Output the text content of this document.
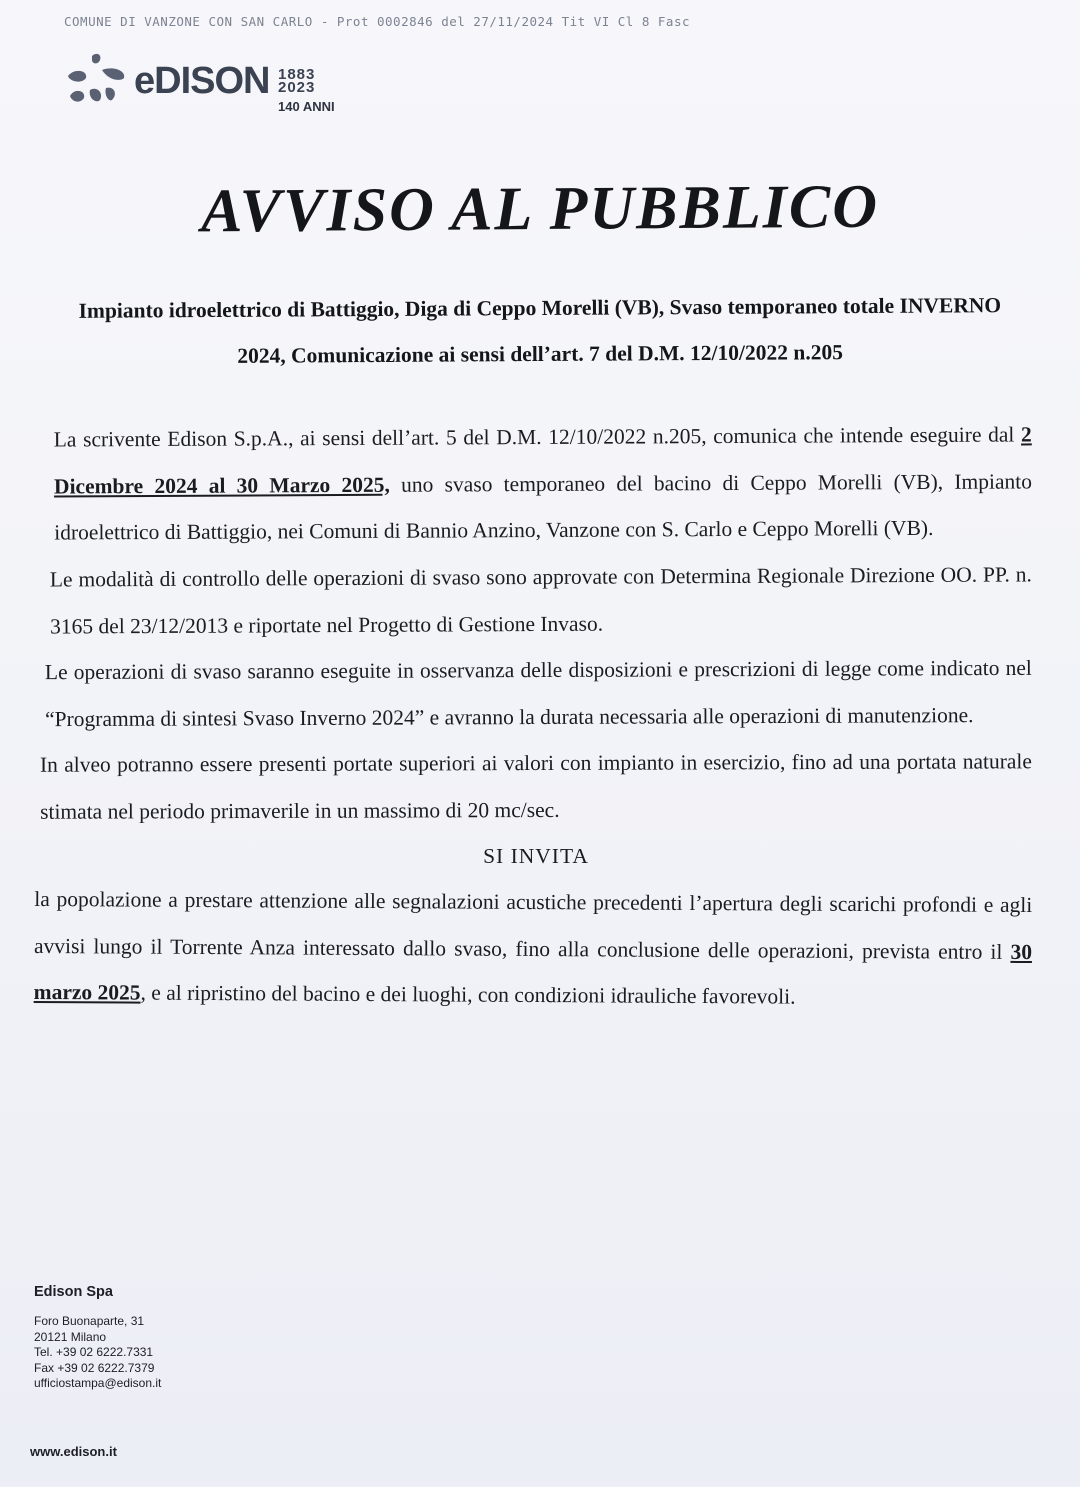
COMUNE DI VANZONE CON SAN CARLO - Prot 0002846 del 27/11/2024 Tit VI Cl 8 Fasc
eDISON 1883 2023
140 ANNI
AVVISO AL PUBBLICO
Impianto idroelettrico di Battiggio, Diga di Ceppo Morelli (VB), Svaso temporaneo totale INVERNO 2024, Comunicazione ai sensi dell’art. 7 del D.M. 12/10/2022 n.205

La scrivente Edison S.p.A., ai sensi dell’art. 5 del D.M. 12/10/2022 n.205, comunica che intende eseguire dal 2 Dicembre 2024 al 30 Marzo 2025, uno svaso temporaneo del bacino di Ceppo Morelli (VB), Impianto idroelettrico di Battiggio, nei Comuni di Bannio Anzino, Vanzone con S. Carlo e Ceppo Morelli (VB).

Le modalità di controllo delle operazioni di svaso sono approvate con Determina Regionale Direzione OO. PP. n. 3165 del 23/12/2013 e riportate nel Progetto di Gestione Invaso.

Le operazioni di svaso saranno eseguite in osservanza delle disposizioni e prescrizioni di legge come indicato nel “Programma di sintesi Svaso Inverno 2024” e avranno la durata necessaria alle operazioni di manutenzione.

In alveo potranno essere presenti portate superiori ai valori con impianto in esercizio, fino ad una portata naturale stimata nel periodo primaverile in un massimo di 20 mc/sec.

SI INVITA

la popolazione a prestare attenzione alle segnalazioni acustiche precedenti l’apertura degli scarichi profondi e agli avvisi lungo il Torrente Anza interessato dallo svaso, fino alla conclusione delle operazioni, prevista entro il 30 marzo 2025, e al ripristino del bacino e dei luoghi, con condizioni idrauliche favorevoli.

Edison Spa
Foro Buonaparte, 31
20121 Milano
Tel. +39 02 6222.7331
Fax +39 02 6222.7379
ufficiostampa@edison.it
www.edison.it
